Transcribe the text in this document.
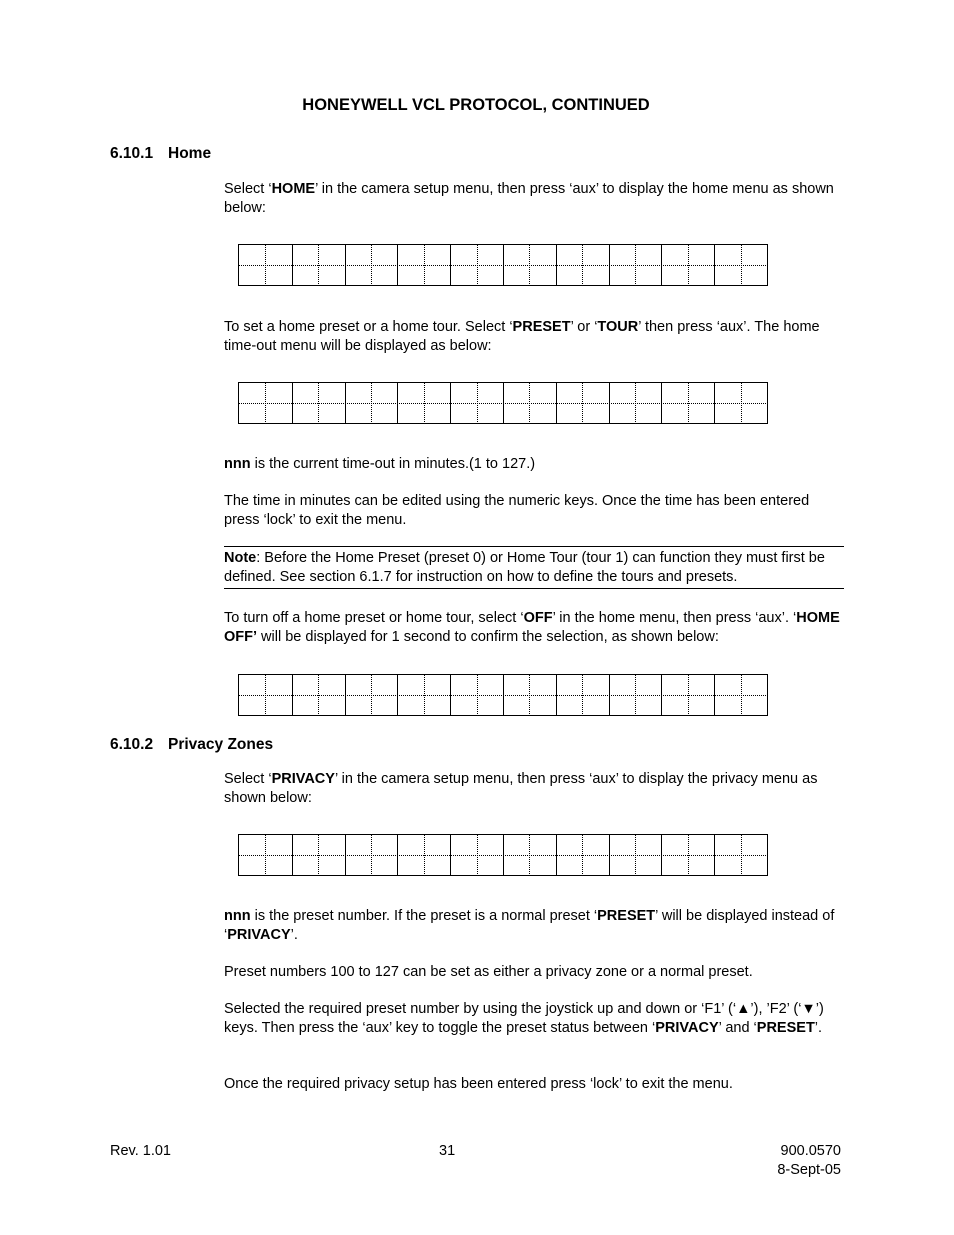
HONEYWELL VCL PROTOCOL, CONTINUED
6.10.1 Home
Select ‘HOME’ in the camera setup menu, then press ‘aux’ to display the home menu as shown below:
To set a home preset or a home tour. Select ‘PRESET’ or ‘TOUR’ then press ‘aux’. The home time-out menu will be displayed as below:
nnn is the current time-out in minutes.(1 to 127.)
The time in minutes can be edited using the numeric keys. Once the time has been entered press ‘lock’ to exit the menu.
Note: Before the Home Preset (preset 0) or Home Tour (tour 1) can function they must first be defined. See section 6.1.7 for instruction on how to define the tours and presets.
To turn off a home preset or home tour, select ‘OFF’ in the home menu, then press ‘aux’. ‘HOME OFF’ will be displayed for 1 second to confirm the selection, as shown below:
6.10.2 Privacy Zones
Select ‘PRIVACY’ in the camera setup menu, then press ‘aux’ to display the privacy menu as shown below:
nnn is the preset number. If the preset is a normal preset ‘PRESET’ will be displayed instead of ‘PRIVACY’.
Preset numbers 100 to 127 can be set as either a privacy zone or a normal preset.
Selected the required preset number by using the joystick up and down or ‘F1’ (‘▲’), ’F2’ (‘▼’) keys. Then press the ‘aux’ key to toggle the preset status between ‘PRIVACY’ and ‘PRESET’.
Once the required privacy setup has been entered press ‘lock’ to exit the menu.
Rev. 1.01	31	900.0570
8-Sept-05
